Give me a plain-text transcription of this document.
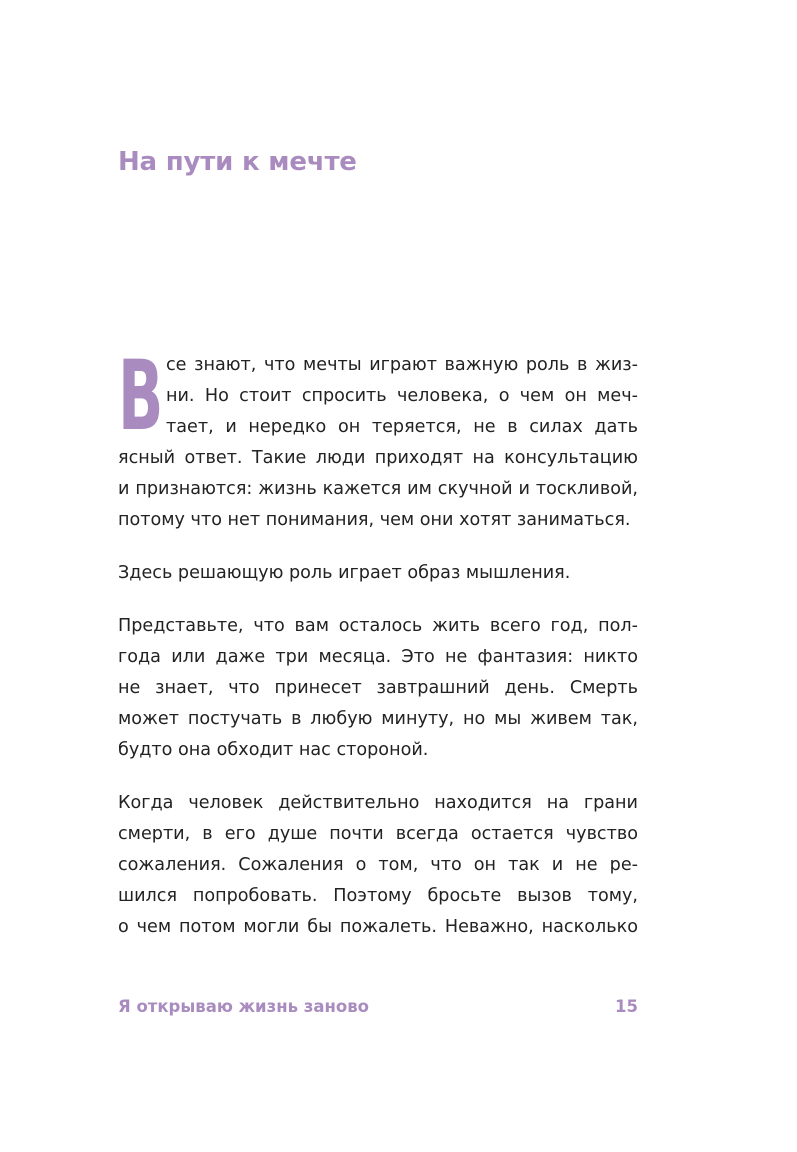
На пути к мечте
В се знают, что мечты играют важную роль в жиз-
ни. Но стоит спросить человека, о чем он меч-
тает, и нередко он теряется, не в силах дать
ясный ответ. Такие люди приходят на консультацию
и признаются: жизнь кажется им скучной и тоскливой,
потому что нет понимания, чем они хотят заниматься.
Здесь решающую роль играет образ мышления.
Представьте, что вам осталось жить всего год, пол-
года или даже три месяца. Это не фантазия: никто
не знает, что принесет завтрашний день. Смерть
может постучать в любую минуту, но мы живем так,
будто она обходит нас стороной.
Когда человек действительно находится на грани
смерти, в его душе почти всегда остается чувство
сожаления. Сожаления о том, что он так и не ре-
шился попробовать. Поэтому бросьте вызов тому,
о чем потом могли бы пожалеть. Неважно, насколько
Я открываю жизнь заново	15
